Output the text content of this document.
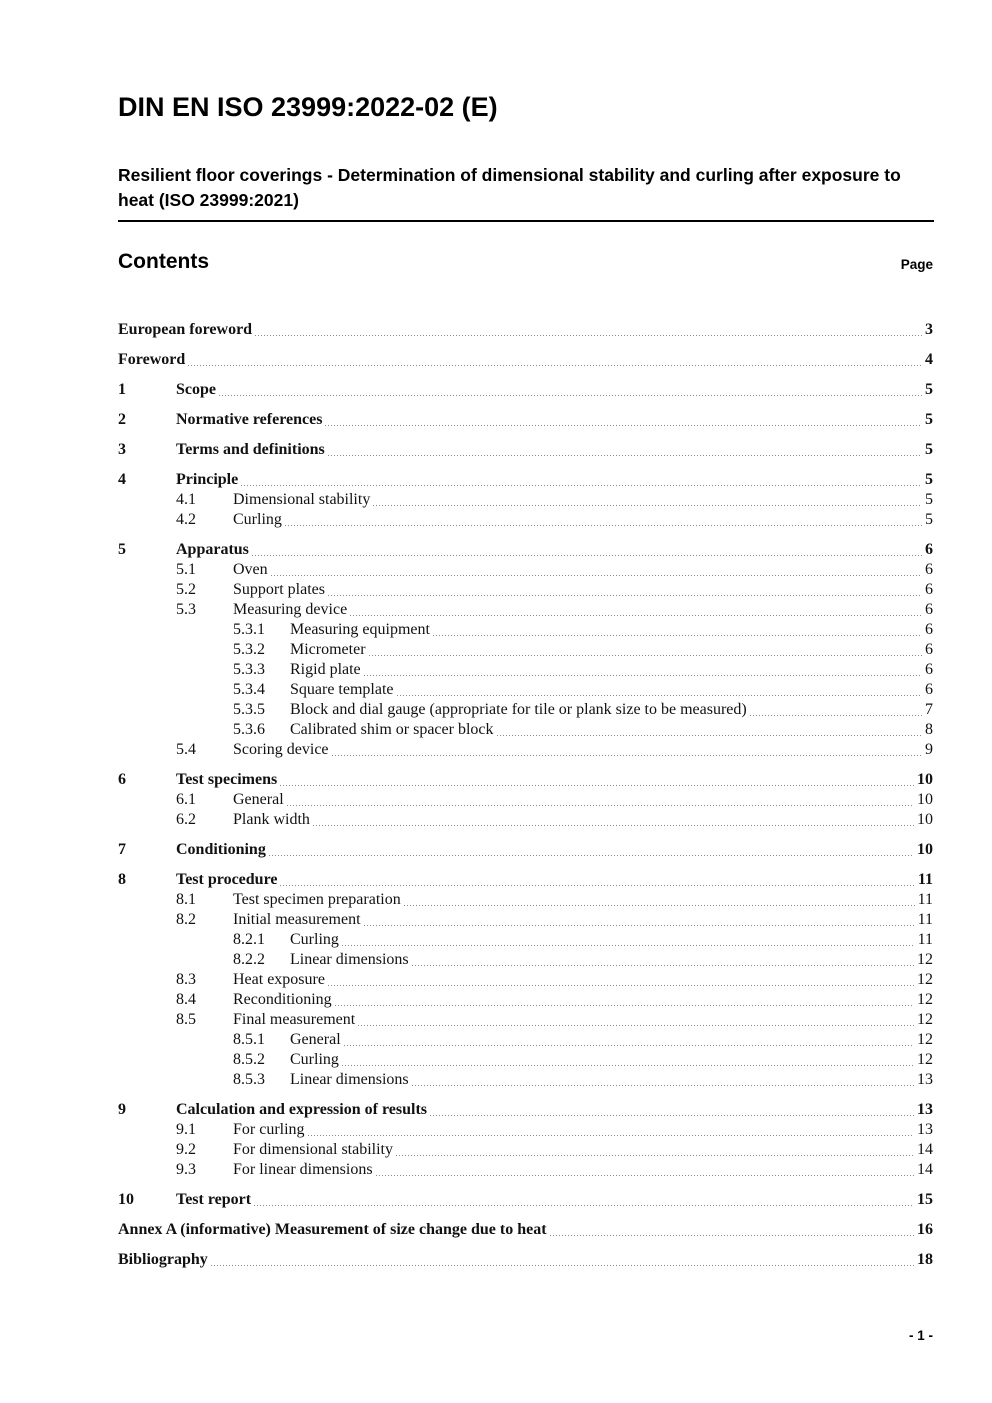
DIN EN ISO 23999:2022-02 (E)
Resilient floor coverings - Determination of dimensional stability and curling after exposure to heat (ISO 23999:2021)
Contents	Page
European foreword	3
Foreword	4
1	Scope	5
2	Normative references	5
3	Terms and definitions	5
4	Principle	5
4.1	Dimensional stability	5
4.2	Curling	5
5	Apparatus	6
5.1	Oven	6
5.2	Support plates	6
5.3	Measuring device	6
5.3.1	Measuring equipment	6
5.3.2	Micrometer	6
5.3.3	Rigid plate	6
5.3.4	Square template	6
5.3.5	Block and dial gauge (appropriate for tile or plank size to be measured)	7
5.3.6	Calibrated shim or spacer block	8
5.4	Scoring device	9
6	Test specimens	10
6.1	General	10
6.2	Plank width	10
7	Conditioning	10
8	Test procedure	11
8.1	Test specimen preparation	11
8.2	Initial measurement	11
8.2.1	Curling	11
8.2.2	Linear dimensions	12
8.3	Heat exposure	12
8.4	Reconditioning	12
8.5	Final measurement	12
8.5.1	General	12
8.5.2	Curling	12
8.5.3	Linear dimensions	13
9	Calculation and expression of results	13
9.1	For curling	13
9.2	For dimensional stability	14
9.3	For linear dimensions	14
10	Test report	15
Annex A (informative) Measurement of size change due to heat	16
Bibliography	18
- 1 -
